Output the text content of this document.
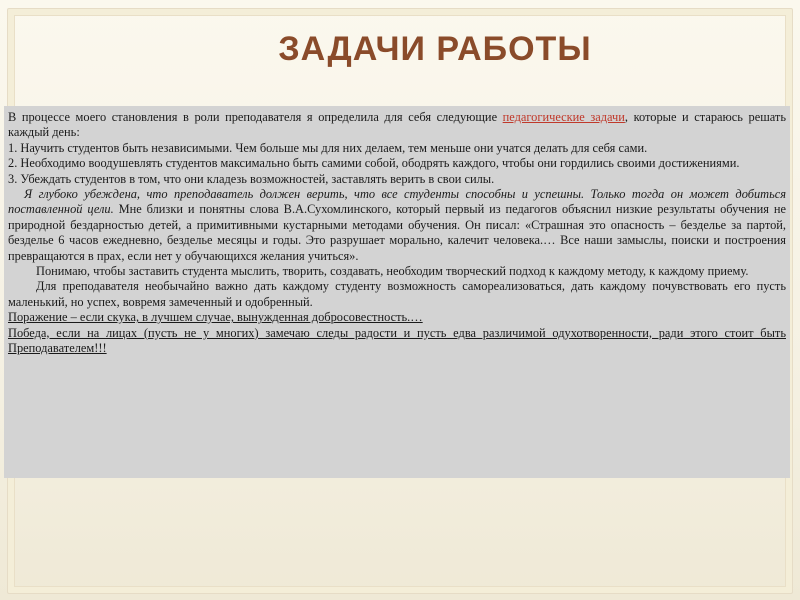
ЗАДАЧИ РАБОТЫ

В процессе моего становления в роли преподавателя я определила для себя следующие педагогические задачи, которые и стараюсь решать каждый день:

1. Научить студентов быть независимыми. Чем больше мы для них делаем, тем меньше они учатся делать для себя сами.

2. Необходимо воодушевлять студентов максимально быть самими собой, ободрять каждого, чтобы они гордились своими достижениями.

3. Убеждать студентов в том, что они кладезь возможностей, заставлять верить в свои силы.

Я глубоко убеждена, что преподаватель должен верить, что все студенты способны и успешны. Только тогда он может добиться поставленной цели. Мне близки и понятны слова В.А.Сухомлинского, который первый из педагогов объяснил низкие результаты обучения не природной бездарностью детей, а примитивными кустарными методами обучения. Он писал: «Страшная это опасность – безделье за партой, безделье 6 часов ежедневно, безделье месяцы и годы. Это разрушает морально, калечит человека.… Все наши замыслы, поиски и построения превращаются в прах, если нет у обучающихся желания учиться».

Понимаю, чтобы заставить студента мыслить, творить, создавать, необходим творческий подход к каждому методу, к каждому приему.

Для преподавателя необычайно важно дать каждому студенту возможность самореализоваться, дать каждому почувствовать его пусть маленький, но успех, вовремя замеченный и одобренный.

Поражение – если скука, в лучшем случае, вынужденная добросовестность.…

Победа, если на лицах (пусть не у многих) замечаю следы радости и пусть едва различимой одухотворенности, ради этого стоит быть Преподавателем!!!
